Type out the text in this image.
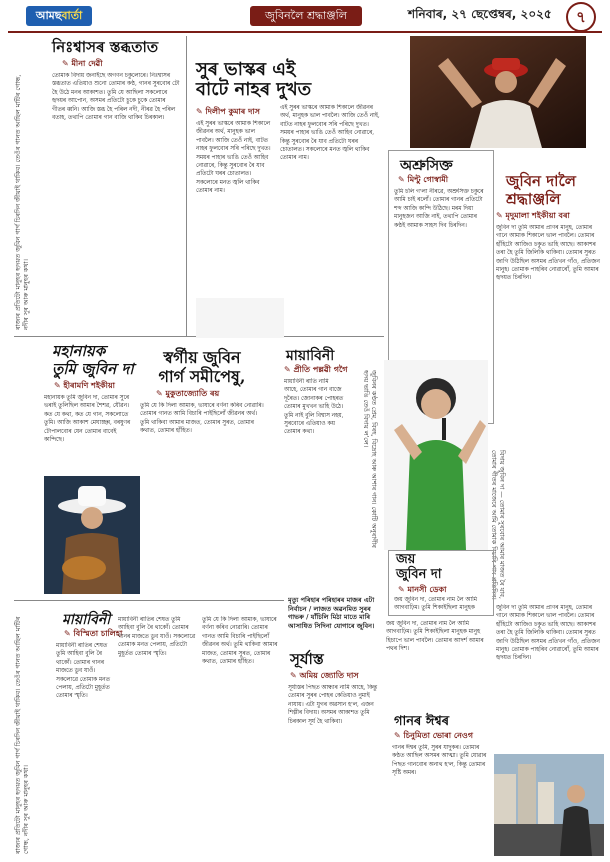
আমছ বাৰ্তা	জুবিনলৈ শ্ৰদ্ধাঞ্জলি	শনিবাৰ, ২৭ ছেপ্তেম্বৰ, ২০২৫	৭
ৰাজ্যৰ প্ৰতিটো মানুহৰ হৃদয়ত জুবিন গাৰ্গ চিৰদিন জীয়াই থাকিব। তেওঁৰ গানত আছিল মাটিৰ গোন্ধ, নদীৰ সুৰ আৰু মানুহৰ কথা।
নিঃশ্বাসৰ স্তব্ধতাত
✎ মীনা দেৱী
তোমাক বিদায় জনাইছে অগণন চকুলোৰে। নিঃশ্বাসৰ স্তব্ধতাত এতিয়াও শুনো তোমাৰ কণ্ঠ, গানৰ সুৰবোৰ ঢৌ হৈ উঠে মনৰ আকাশত। তুমি যে আছিলা সকলোৰে হৃদয়ৰ আপোন, অসমৰ প্ৰতিটো চুকে চুকে তোমাৰ গীতৰ ধ্বনি। আজি স্তব্ধ হৈ পৰিল নদী, নীৰৱ হৈ পৰিল বতাহ, তথাপি তোমাৰ গান বাজি থাকিব চিৰকাল।
সুৰ ভাস্কৰ এই
বাটে নাহৰ দুখত
✎ দিলীপ কুমাৰ দাস
এই সুৰৰ ভাস্কৰে আমাক শিকালে জীৱনৰ অৰ্থ, মানুহক ভাল পাবলৈ। আজি তেওঁ নাই, বাটত নাহৰ ফুলবোৰ সৰি পৰিছে দুখত। সময়ৰ পাহাৰ ভাঙি তেওঁ আহিব নোৱাৰে, কিন্তু সুৰবোৰ ৰৈ যাব প্ৰতিটো ঘৰৰ চোতালত। সকলোৰে মনত জ্বলি থাকিব তোমাৰ নাম।
এই সুৰৰ ভাস্কৰে আমাক শিকালে জীৱনৰ অৰ্থ, মানুহক ভাল পাবলৈ। আজি তেওঁ নাই, বাটত নাহৰ ফুলবোৰ সৰি পৰিছে দুখত। সময়ৰ পাহাৰ ভাঙি তেওঁ আহিব নোৱাৰে, কিন্তু সুৰবোৰ ৰৈ যাব প্ৰতিটো ঘৰৰ চোতালত। সকলোৰে মনত জ্বলি থাকিব তোমাৰ নাম।	অশ্ৰুসিক্ত
✎ মিন্টু গোস্বামী
তুমি চলি গ'লা নীৰৱে, অশ্ৰুসিক্ত চকুৰে আমি চাই ৰলোঁ। তোমাৰ গানৰ প্ৰতিটো শব্দ আজি কান্দি উঠিছে। মৰম দিয়া মানুহজন আজি নাই, তথাপি তোমাৰ কণ্ঠই আমাক সাহস দিব চিৰদিন।
জুবিন দালৈ
শ্ৰদ্ধাঞ্জলি
✎ মৃদুমালা শইকীয়া বৰা
জুবিন দা তুমি আমাৰ প্ৰাণৰ মানুহ, তোমাৰ গানে আমাক শিকালে ভাল পাবলৈ। তোমাৰ হাঁহিটো আজিও চকুত ভাহি আছে। আকাশৰ তৰা হৈ তুমি জিলিকি থাকিবা। তোমাৰ সুৰত জাগি উঠিছিল অসমৰ প্ৰতিখন গাঁও, প্ৰতিজন মানুহ। তোমাক পাহৰিব নোৱাৰোঁ, তুমি আমাৰ হৃদয়ত চিৰদিন।
মহানায়ক
তুমি জুবিন দা
✎ হীৰামণি শইকীয়া
মহানায়ক তুমি জুবিন দা, তোমাৰ সুৰে ভৰাই তুলিছিল আমাৰ শৈশৱ, যৌৱন। কত যে কথা, কত যে গান, সকলোতে তুমি। আজি আকাশ মেঘাচ্ছন্ন, বৰষুণৰ টোপালবোৰ যেন তোমাৰ বাবেই কান্দিছে।
স্বৰ্গীয় জুবিন
গাৰ্গ সমীপেষু,
✎ মুকুতাজ্যোতি ৰয়
তুমি যে কি দিলা আমাক, ভাষাৰে বৰ্ণনা কৰিব নোৱাৰি। তোমাৰ গানত আমি বিচাৰি পাইছিলোঁ জীৱনৰ অৰ্থ। তুমি থাকিবা আমাৰ মাজত, তোমাৰ সুৰত, তোমাৰ কথাত, তোমাৰ হাঁহিত।
মায়াবিনী
✎ প্ৰীতি পল্লৱী গগৈ
মায়াবিনী ৰাতি নামি আহে, তোমাৰ গান বাজে দূৰৈত। জোনাকৰ পোহৰত তোমাৰ মুখখন ভাহি উঠে। তুমি নাই বুলি বিশ্বাস নহয়, সুৰবোৰে এতিয়াও কয় তোমাৰ কথা।	জুবিনৰ কণ্ঠত প্ৰেম, বিৰহ, বিদ্ৰোহ আৰু আশাৰ গান। কোটি অনুৰাগীৰ হৃদয় ভাঙি তেওঁ বিদায় ল'লে।
বিদায় জুবিন দা — তোমাৰ সুৰবোৰ আমাৰ মাজত ৰৈ যাব, তোমাৰ গীতৰ মাজেৰে আমি তোমাক বিচাৰি পাম প্ৰতিদিন।
ৰাজ্যৰ প্ৰতিটো মানুহৰ হৃদয়ত জুবিন গাৰ্গ চিৰদিন জীয়াই থাকিব। তেওঁৰ গানত আছিল মাটিৰ গোন্ধ, নদীৰ সুৰ আৰু মানুহৰ কথা।
মায়াবিনী
✎ বিস্মিতা চালিহা
মায়াবিনী ৰাতিৰ শেষত তুমি আহিবা বুলি ৰৈ থাকোঁ। তোমাৰ গানৰ মাজতে ডুব যাওঁ। সকলোৱে তোমাক মনত পেলায়, প্ৰতিটো মুহূৰ্তত তোমাৰ স্মৃতি।
মায়াবিনী ৰাতিৰ শেষত তুমি আহিবা বুলি ৰৈ থাকোঁ। তোমাৰ গানৰ মাজতে ডুব যাওঁ। সকলোৱে তোমাক মনত পেলায়, প্ৰতিটো মুহূৰ্তত তোমাৰ স্মৃতি।
তুমি যে কি দিলা আমাক, ভাষাৰে বৰ্ণনা কৰিব নোৱাৰি। তোমাৰ গানত আমি বিচাৰি পাইছিলোঁ জীৱনৰ অৰ্থ। তুমি থাকিবা আমাৰ মাজত, তোমাৰ সুৰত, তোমাৰ কথাত, তোমাৰ হাঁহিত।
মৃত্যু পৰিহাৰ পৰিহাৰৰ মাজৰ এটা নিৰ্বাচন / লাজত অৱনমিত সুৰৰ গাভৰু / যাঁচিলি মিঠা মাতে মাৰি আসাধিত সিদিনা যোগাৰে জুবিন।
সূৰ্যাস্ত
✎ অমিয় জ্যোতি দাস
সূৰ্যাস্তৰ পিছত আন্ধাৰ নামি আহে, কিন্তু তোমাৰ সুৰৰ পোহৰ কেতিয়াও নুমাই নাযায়। এটা যুগৰ অৱসান হ'ল, এজন শিল্পীৰ বিদায়। অসমৰ আকাশত তুমি চিৰকাল সূৰ্য হৈ থাকিবা।
জয়
জুবিন দা
✎ মানসী ডেকা
জয় জুবিন দা, তোমাৰ নাম লৈ আমি আগবাঢ়িম। তুমি শিকাইছিলা মানুহক
জয় জুবিন দা, তোমাৰ নাম লৈ আমি আগবাঢ়িম। তুমি শিকাইছিলা মানুহক মানুহ হিচাপে ভাল পাবলৈ। তোমাৰ আদৰ্শ আমাৰ পথৰ দিশ।
গানৰ ঈশ্বৰ
✎ চিনুমিতা ভোৰা নেওগ
গানৰ ঈশ্বৰ তুমি, সুৰৰ যাদুকৰ। তোমাৰ কণ্ঠত আছিল অসমৰ আত্মা। তুমি যোৱাৰ পিছত গানবোৰ অনাথ হ'ল, কিন্তু তোমাৰ সৃষ্টি অমৰ।
জুবিন দা তুমি আমাৰ প্ৰাণৰ মানুহ, তোমাৰ গানে আমাক শিকালে ভাল পাবলৈ। তোমাৰ হাঁহিটো আজিও চকুত ভাহি আছে। আকাশৰ তৰা হৈ তুমি জিলিকি থাকিবা। তোমাৰ সুৰত জাগি উঠিছিল অসমৰ প্ৰতিখন গাঁও, প্ৰতিজন মানুহ। তোমাক পাহৰিব নোৱাৰোঁ, তুমি আমাৰ হৃদয়ত চিৰদিন।
